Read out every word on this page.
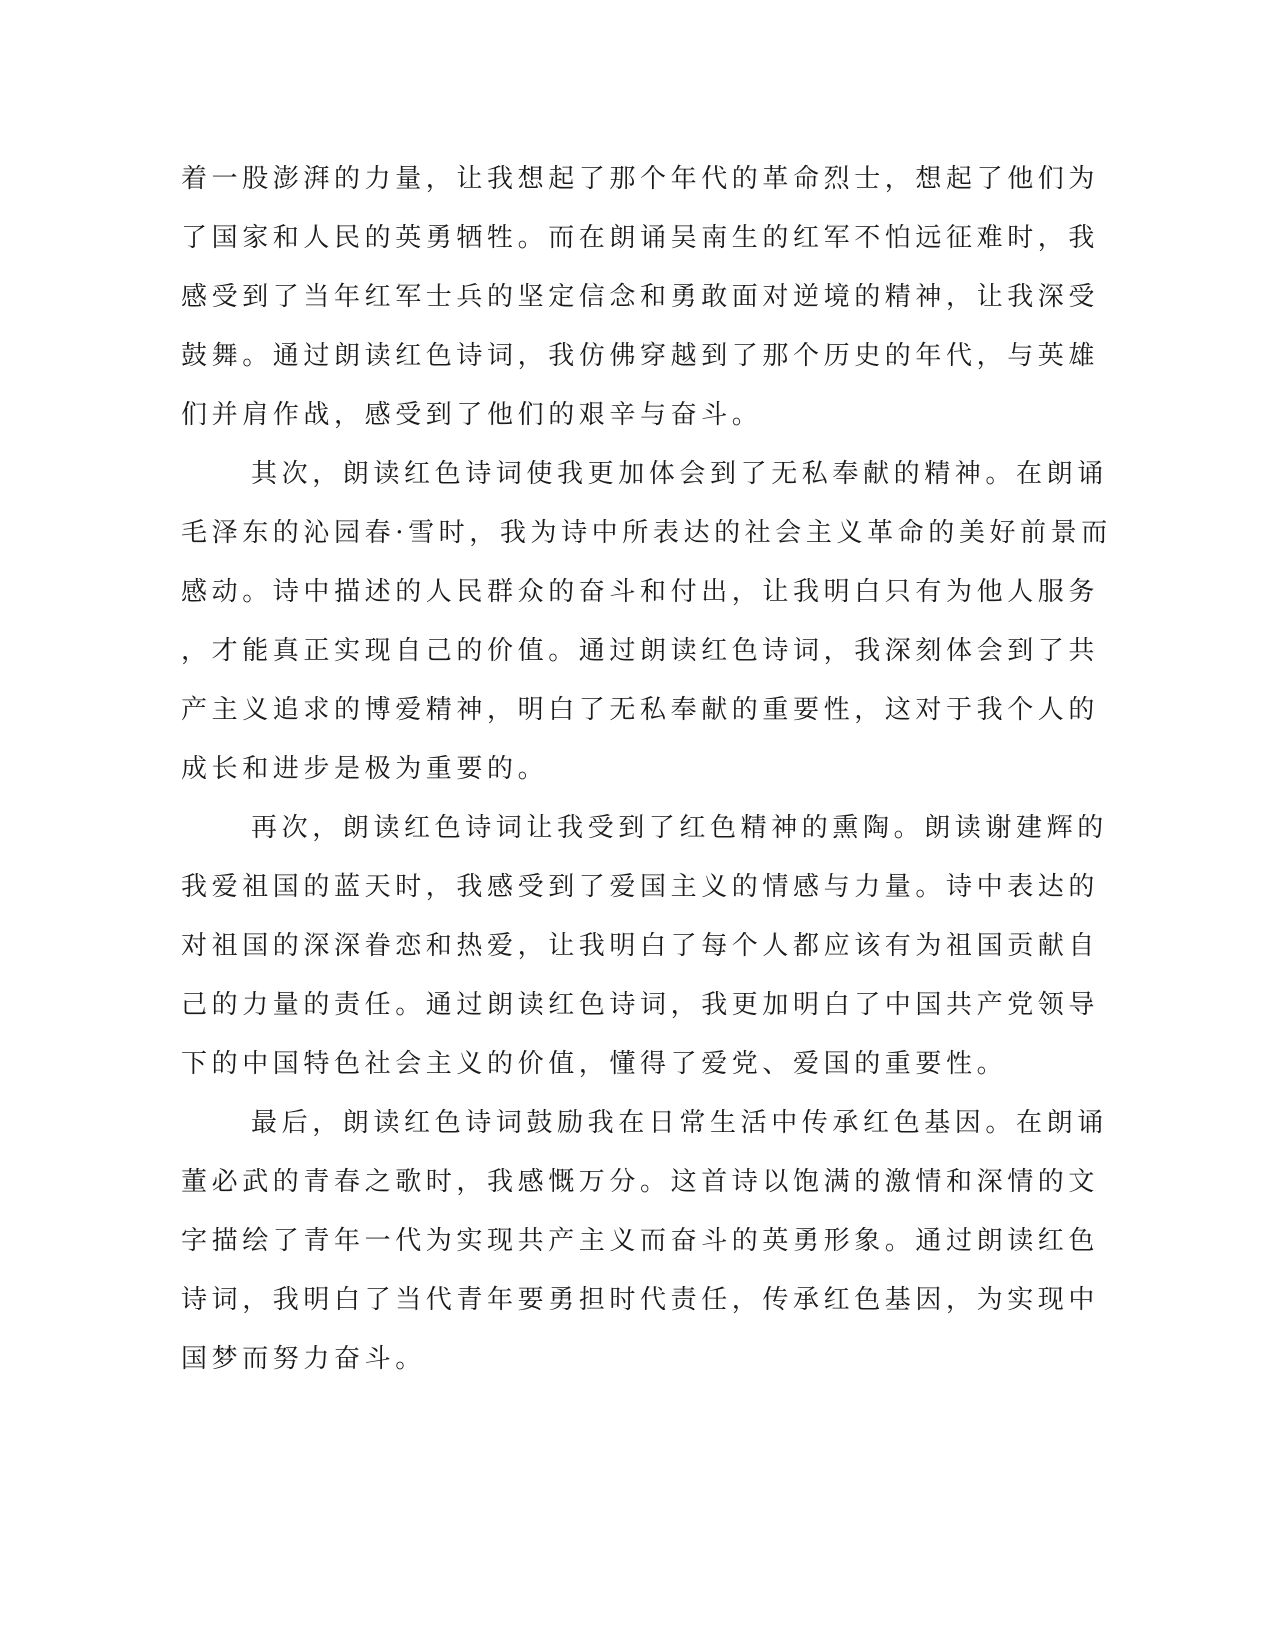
着一股澎湃的力量，让我想起了那个年代的革命烈士，想起了他们为
了国家和人民的英勇牺牲。而在朗诵吴南生的红军不怕远征难时，我
感受到了当年红军士兵的坚定信念和勇敢面对逆境的精神，让我深受
鼓舞。通过朗读红色诗词，我仿佛穿越到了那个历史的年代，与英雄
们并肩作战，感受到了他们的艰辛与奋斗。
其次，朗读红色诗词使我更加体会到了无私奉献的精神。在朗诵
毛泽东的沁园春·雪时，我为诗中所表达的社会主义革命的美好前景而
感动。诗中描述的人民群众的奋斗和付出，让我明白只有为他人服务
，才能真正实现自己的价值。通过朗读红色诗词，我深刻体会到了共
产主义追求的博爱精神，明白了无私奉献的重要性，这对于我个人的
成长和进步是极为重要的。
再次，朗读红色诗词让我受到了红色精神的熏陶。朗读谢建辉的
我爱祖国的蓝天时，我感受到了爱国主义的情感与力量。诗中表达的
对祖国的深深眷恋和热爱，让我明白了每个人都应该有为祖国贡献自
己的力量的责任。通过朗读红色诗词，我更加明白了中国共产党领导
下的中国特色社会主义的价值，懂得了爱党、爱国的重要性。
最后，朗读红色诗词鼓励我在日常生活中传承红色基因。在朗诵
董必武的青春之歌时，我感慨万分。这首诗以饱满的激情和深情的文
字描绘了青年一代为实现共产主义而奋斗的英勇形象。通过朗读红色
诗词，我明白了当代青年要勇担时代责任，传承红色基因，为实现中
国梦而努力奋斗。
